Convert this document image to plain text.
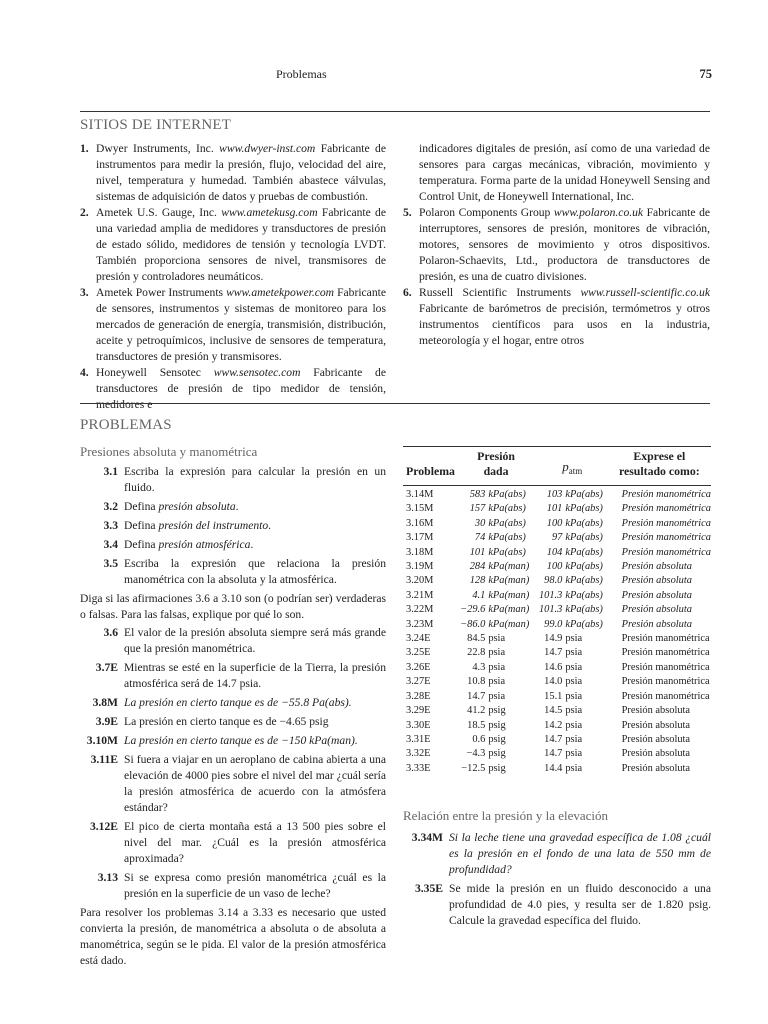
Problemas	75
SITIOS DE INTERNET
1. Dwyer Instruments, Inc. www.dwyer-inst.com Fabricante de instrumentos para medir la presión, flujo, velocidad del aire, nivel, temperatura y humedad. También abastece válvulas, sistemas de adquisición de datos y pruebas de combustión.
2. Ametek U.S. Gauge, Inc. www.ametekusg.com Fabricante de una variedad amplia de medidores y transductores de presión de estado sólido, medidores de tensión y tecnología LVDT. También proporciona sensores de nivel, transmisores de presión y controladores neumáticos.
3. Ametek Power Instruments www.ametekpower.com Fabricante de sensores, instrumentos y sistemas de monitoreo para los mercados de generación de energía, transmisión, distribución, aceite y petroquímicos, inclusive de sensores de temperatura, transductores de presión y transmisores.
4. Honeywell Sensotec www.sensotec.com Fabricante de transductores de presión de tipo medidor de tensión, medidores e
indicadores digitales de presión, así como de una variedad de sensores para cargas mecánicas, vibración, movimiento y temperatura. Forma parte de la unidad Honeywell Sensing and Control Unit, de Honeywell International, Inc.
5. Polaron Components Group www.polaron.co.uk Fabricante de interruptores, sensores de presión, monitores de vibración, motores, sensores de movimiento y otros dispositivos. Polaron-Schaevits, Ltd., productora de transductores de presión, es una de cuatro divisiones.
6. Russell Scientific Instruments www.russell-scientific.co.uk Fabricante de barómetros de precisión, termómetros y otros instrumentos científicos para usos en la industria, meteorología y el hogar, entre otros
PROBLEMAS
Presiones absoluta y manométrica
3.1 Escriba la expresión para calcular la presión en un fluido.
3.2 Defina presión absoluta.
3.3 Defina presión del instrumento.
3.4 Defina presión atmosférica.
3.5 Escriba la expresión que relaciona la presión manométrica con la absoluta y la atmosférica.
Diga si las afirmaciones 3.6 a 3.10 son (o podrían ser) verdaderas o falsas. Para las falsas, explique por qué lo son.
3.6 El valor de la presión absoluta siempre será más grande que la presión manométrica.
3.7E Mientras se esté en la superficie de la Tierra, la presión atmosférica será de 14.7 psia.
3.8M La presión en cierto tanque es de −55.8 Pa(abs).
3.9E La presión en cierto tanque es de −4.65 psig
3.10M La presión en cierto tanque es de −150 kPa(man).
3.11E Si fuera a viajar en un aeroplano de cabina abierta a una elevación de 4000 pies sobre el nivel del mar ¿cuál sería la presión atmosférica de acuerdo con la atmósfera estándar?
3.12E El pico de cierta montaña está a 13 500 pies sobre el nivel del mar. ¿Cuál es la presión atmosférica aproximada?
3.13 Si se expresa como presión manométrica ¿cuál es la presión en la superficie de un vaso de leche?
Para resolver los problemas 3.14 a 3.33 es necesario que usted convierta la presión, de manométrica a absoluta o de absoluta a manométrica, según se le pida. El valor de la presión atmosférica está dado.
Problema	Presión
dada		$p_{atm}$		Exprese el
resultado como:
3.14M	583	kPa(abs)	103	kPa(abs)	Presión manométrica
3.15M	157	kPa(abs)	101	kPa(abs)	Presión manométrica
3.16M	30	kPa(abs)	100	kPa(abs)	Presión manométrica
3.17M	74	kPa(abs)	97	kPa(abs)	Presión manométrica
3.18M	101	kPa(abs)	104	kPa(abs)	Presión manométrica
3.19M	284	kPa(man)	100	kPa(abs)	Presión absoluta
3.20M	128	kPa(man)	98.0	kPa(abs)	Presión absoluta
3.21M	4.1	kPa(man)	101.3	kPa(abs)	Presión absoluta
3.22M	−29.6	kPa(man)	101.3	kPa(abs)	Presión absoluta
3.23M	−86.0	kPa(man)	99.0	kPa(abs)	Presión absoluta
3.24E	84.5	psia	14.9	psia	Presión manométrica
3.25E	22.8	psia	14.7	psia	Presión manométrica
3.26E	4.3	psia	14.6	psia	Presión manométrica
3.27E	10.8	psia	14.0	psia	Presión manométrica
3.28E	14.7	psia	15.1	psia	Presión manométrica
3.29E	41.2	psig	14.5	psia	Presión absoluta
3.30E	18.5	psig	14.2	psia	Presión absoluta
3.31E	0.6	psig	14.7	psia	Presión absoluta
3.32E	−4.3	psig	14.7	psia	Presión absoluta
3.33E	−12.5	psig	14.4	psia	Presión absoluta
Relación entre la presión y la elevación
3.34M Si la leche tiene una gravedad específica de 1.08 ¿cuál es la presión en el fondo de una lata de 550 mm de profundidad?
3.35E Se mide la presión en un fluido desconocido a una profundidad de 4.0 pies, y resulta ser de 1.820 psig. Calcule la gravedad específica del fluido.
